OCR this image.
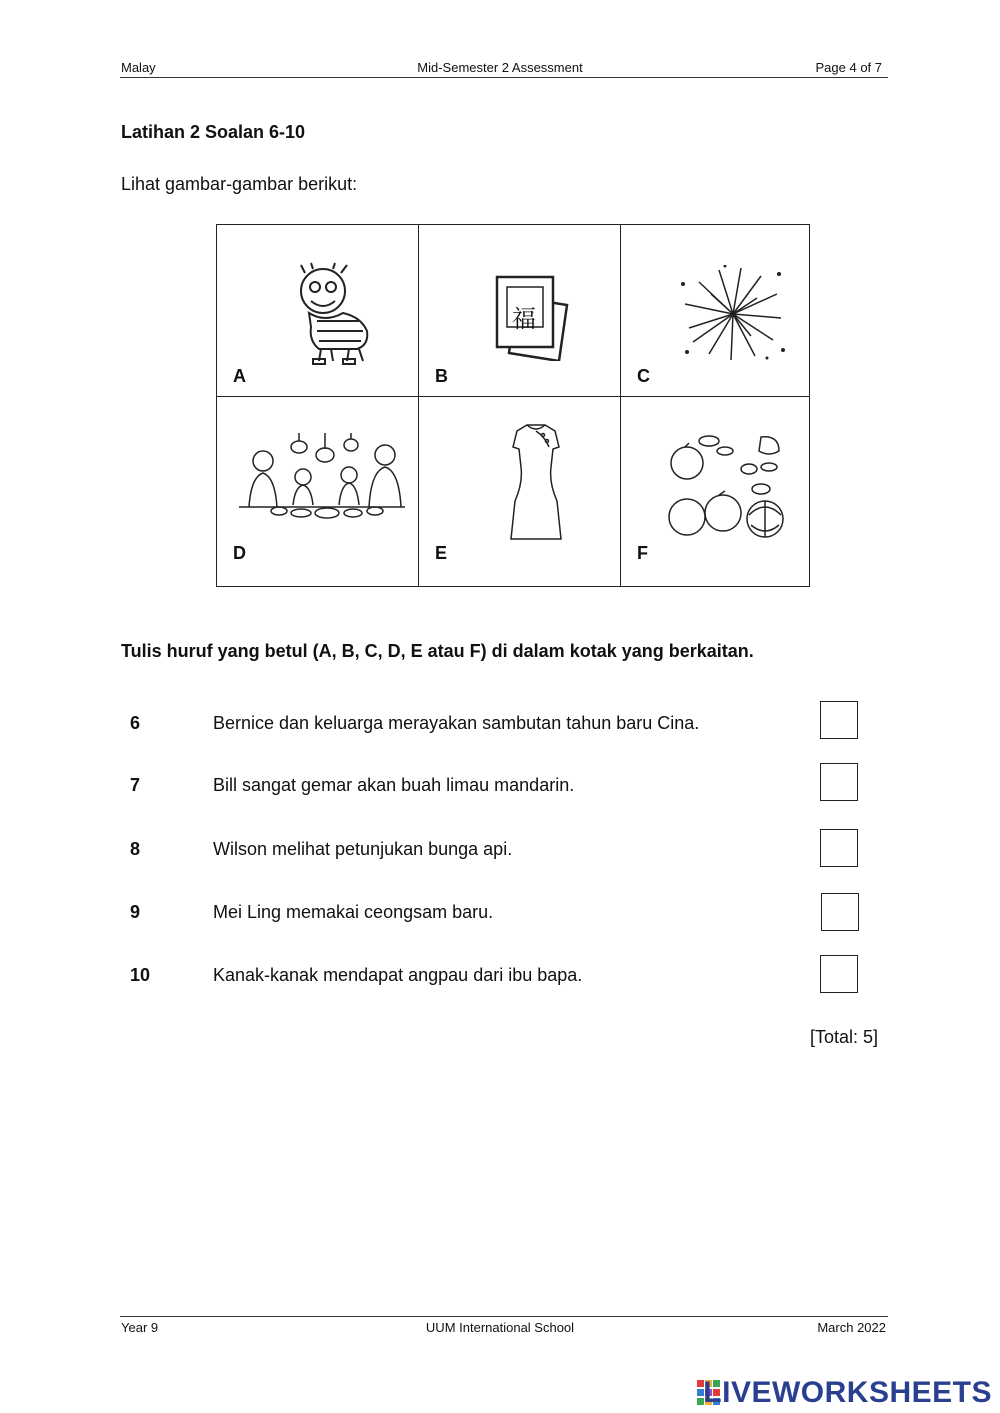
Malay	Mid-Semester 2 Assessment	Page 4 of 7
Latihan 2 Soalan 6-10
Lihat gambar-gambar berikut:
A
福
B	C
D	E	F
Tulis huruf yang betul (A, B, C, D, E atau F) di dalam kotak yang berkaitan.
6	Bernice dan keluarga merayakan sambutan tahun baru Cina.
7	Bill sangat gemar akan buah limau mandarin.
8	Wilson melihat petunjukan bunga api.
9	Mei Ling memakai ceongsam baru.
10	Kanak-kanak mendapat angpau dari ibu bapa.
[Total: 5]
Year 9	UUM International School	March 2022
LIVEWORKSHEETS
